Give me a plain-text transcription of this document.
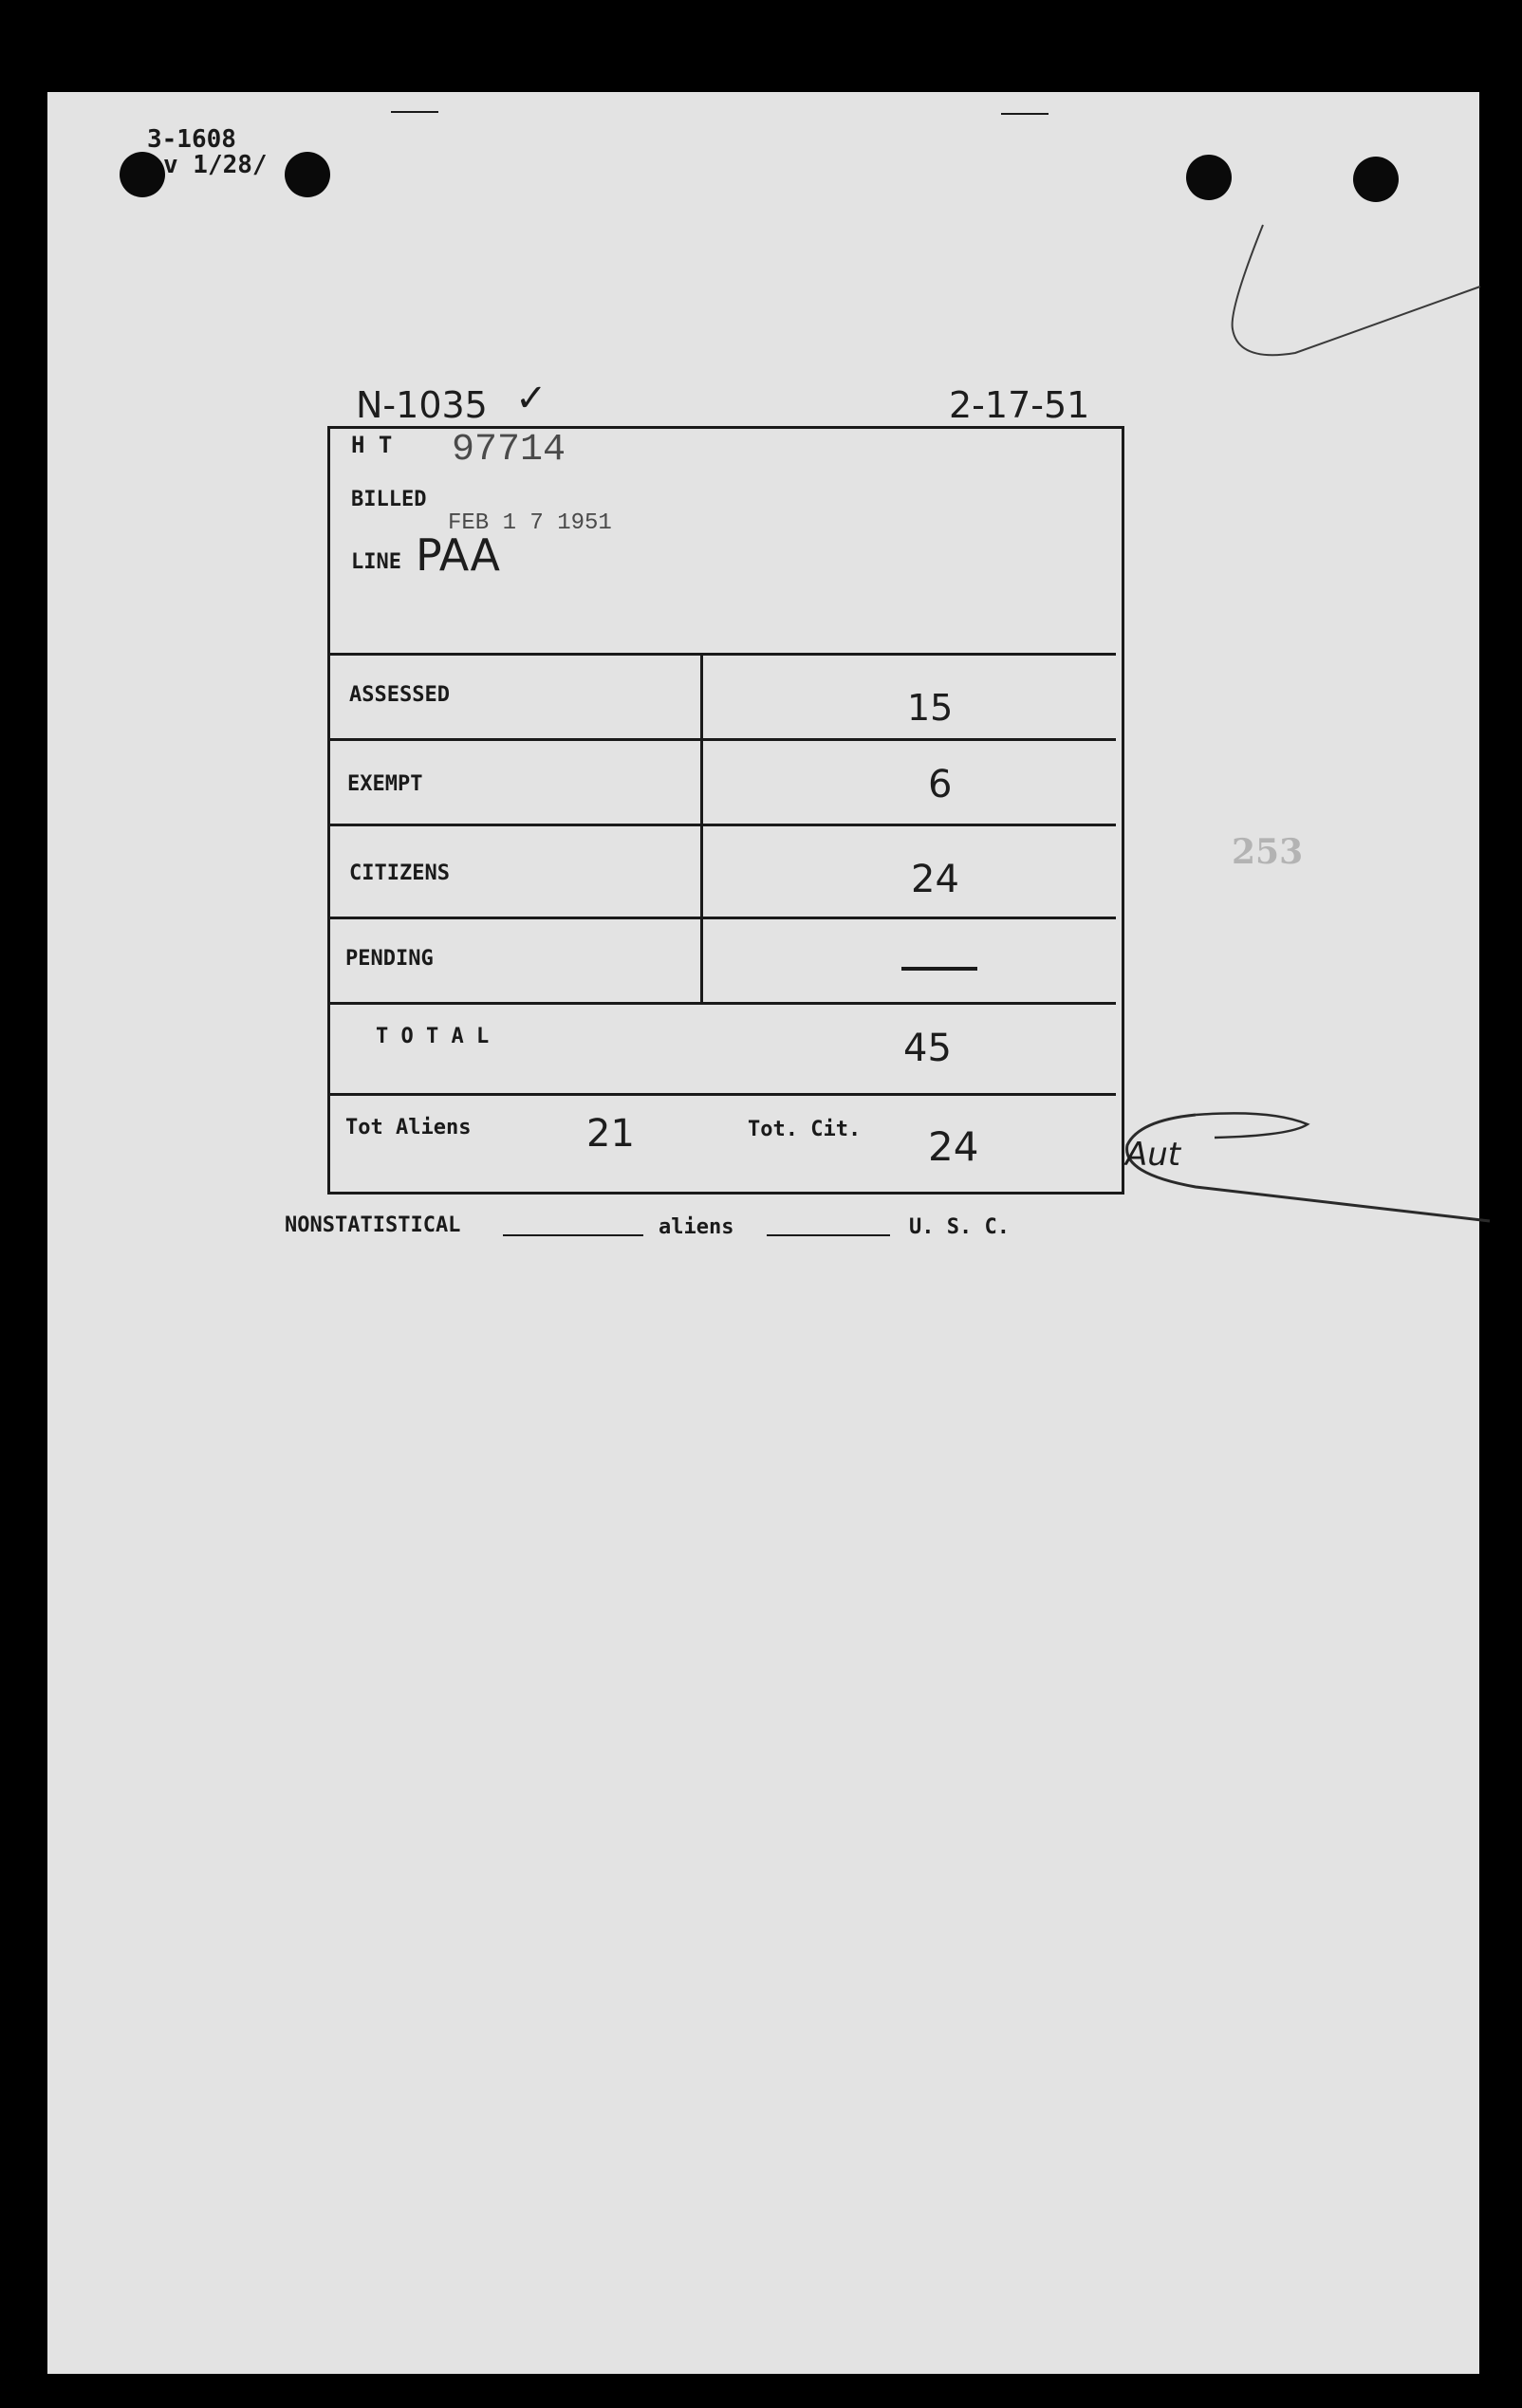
3-1608
v 1/28/
N-1035 ✓	2-17-51
253
H T 97714
BILLED
FEB 1 7 1951
LINE PAA
ASSESSED	15
EXEMPT	6
CITIZENS	24
PENDING
T O T A L	45
Tot Aliens	21	Tot. Cit. 24	Aut
NONSTATISTICAL	aliens	U. S. C.
